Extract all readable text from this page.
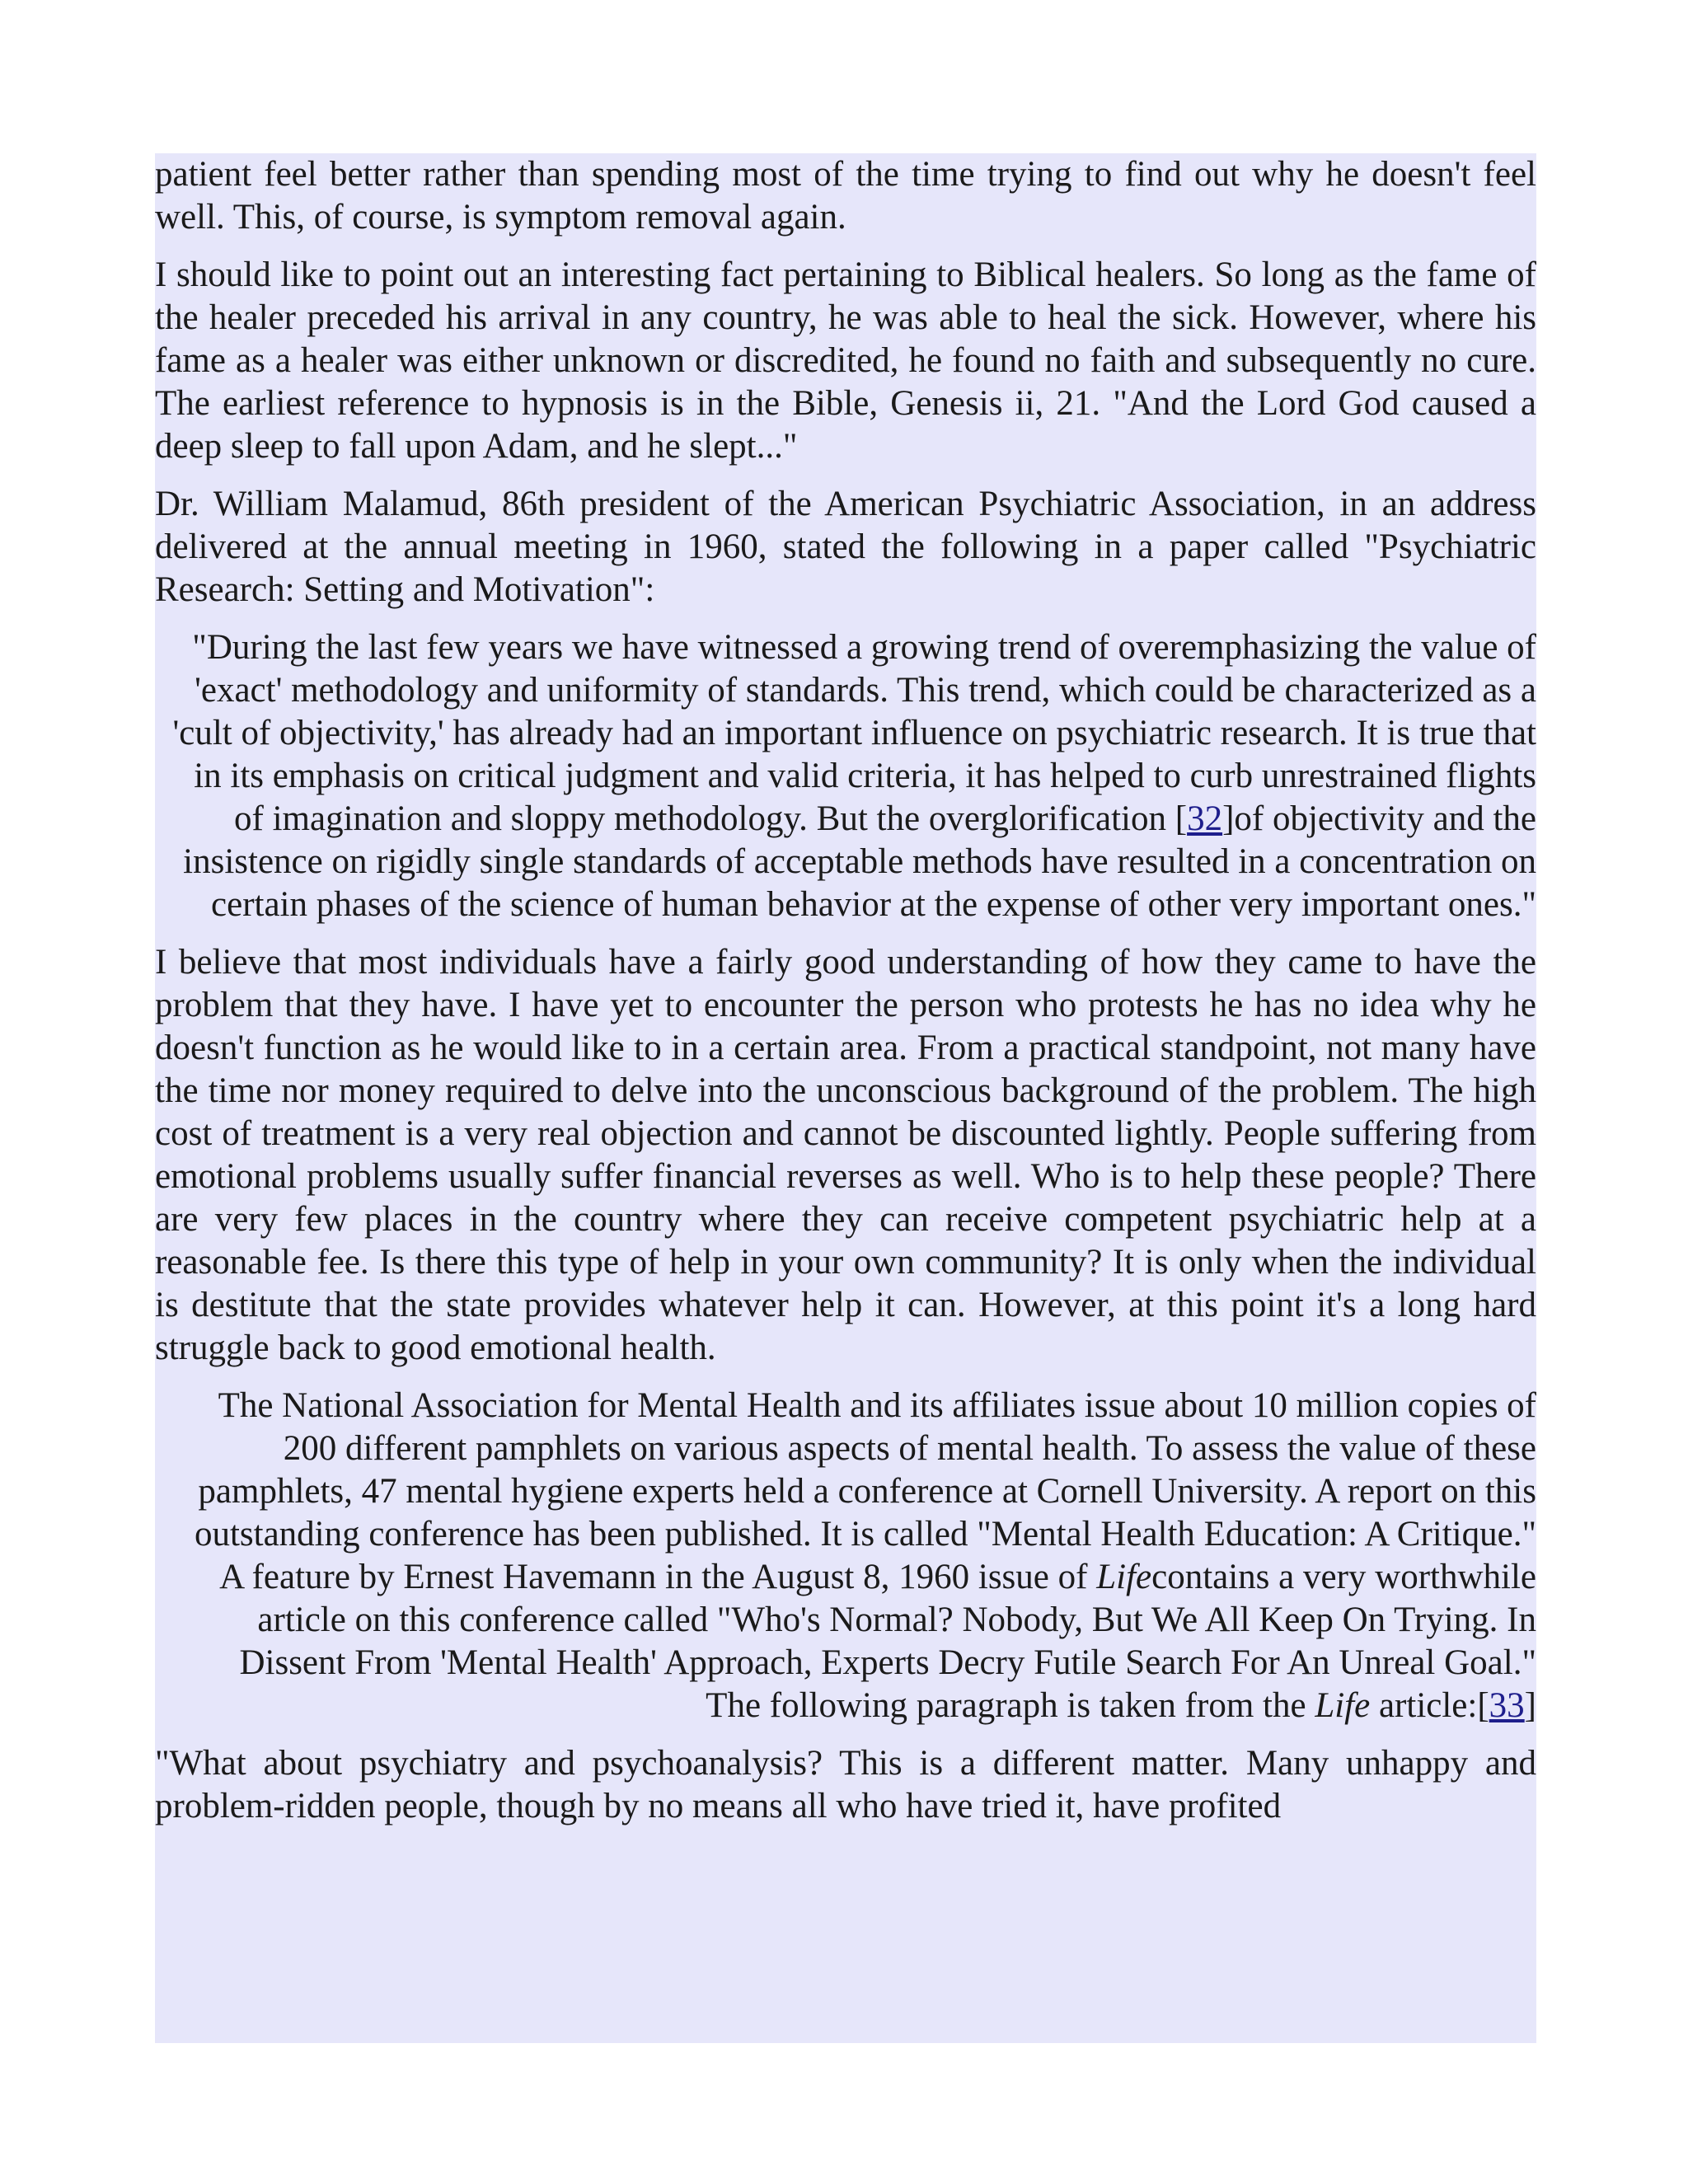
patient feel better rather than spending most of the time trying to find out why he doesn't feel well. This, of course, is symptom removal again.

I should like to point out an interesting fact pertaining to Biblical healers. So long as the fame of the healer preceded his arrival in any country, he was able to heal the sick. However, where his fame as a healer was either unknown or discredited, he found no faith and subsequently no cure. The earliest reference to hypnosis is in the Bible, Genesis ii, 21. "And the Lord God caused a deep sleep to fall upon Adam, and he slept..."

Dr. William Malamud, 86th president of the American Psychiatric Association, in an address delivered at the annual meeting in 1960, stated the following in a paper called "Psychiatric Research: Setting and Motivation":

"During the last few years we have witnessed a growing trend of overemphasizing the value of 'exact' methodology and uniformity of standards. This trend, which could be characterized as a 'cult of objectivity,' has already had an important influence on psychiatric research. It is true that in its emphasis on critical judgment and valid criteria, it has helped to curb unrestrained flights of imagination and sloppy methodology. But the overglorification [32]of objectivity and the insistence on rigidly single standards of acceptable methods have resulted in a concentration on certain phases of the science of human behavior at the expense of other very important ones."

I believe that most individuals have a fairly good understanding of how they came to have the problem that they have. I have yet to encounter the person who protests he has no idea why he doesn't function as he would like to in a certain area. From a practical standpoint, not many have the time nor money required to delve into the unconscious background of the problem. The high cost of treatment is a very real objection and cannot be discounted lightly. People suffering from emotional problems usually suffer financial reverses as well. Who is to help these people? There are very few places in the country where they can receive competent psychiatric help at a reasonable fee. Is there this type of help in your own community? It is only when the individual is destitute that the state provides whatever help it can. However, at this point it's a long hard struggle back to good emotional health.

The National Association for Mental Health and its affiliates issue about 10 million copies of 200 different pamphlets on various aspects of mental health. To assess the value of these pamphlets, 47 mental hygiene experts held a conference at Cornell University. A report on this outstanding conference has been published. It is called "Mental Health Education: A Critique." A feature by Ernest Havemann in the August 8, 1960 issue of Lifecontains a very worthwhile article on this conference called "Who's Normal? Nobody, But We All Keep On Trying. In Dissent From 'Mental Health' Approach, Experts Decry Futile Search For An Unreal Goal." The following paragraph is taken from the Life article:[33]

"What about psychiatry and psychoanalysis? This is a different matter. Many unhappy and problem-ridden people, though by no means all who have tried it, have profited
